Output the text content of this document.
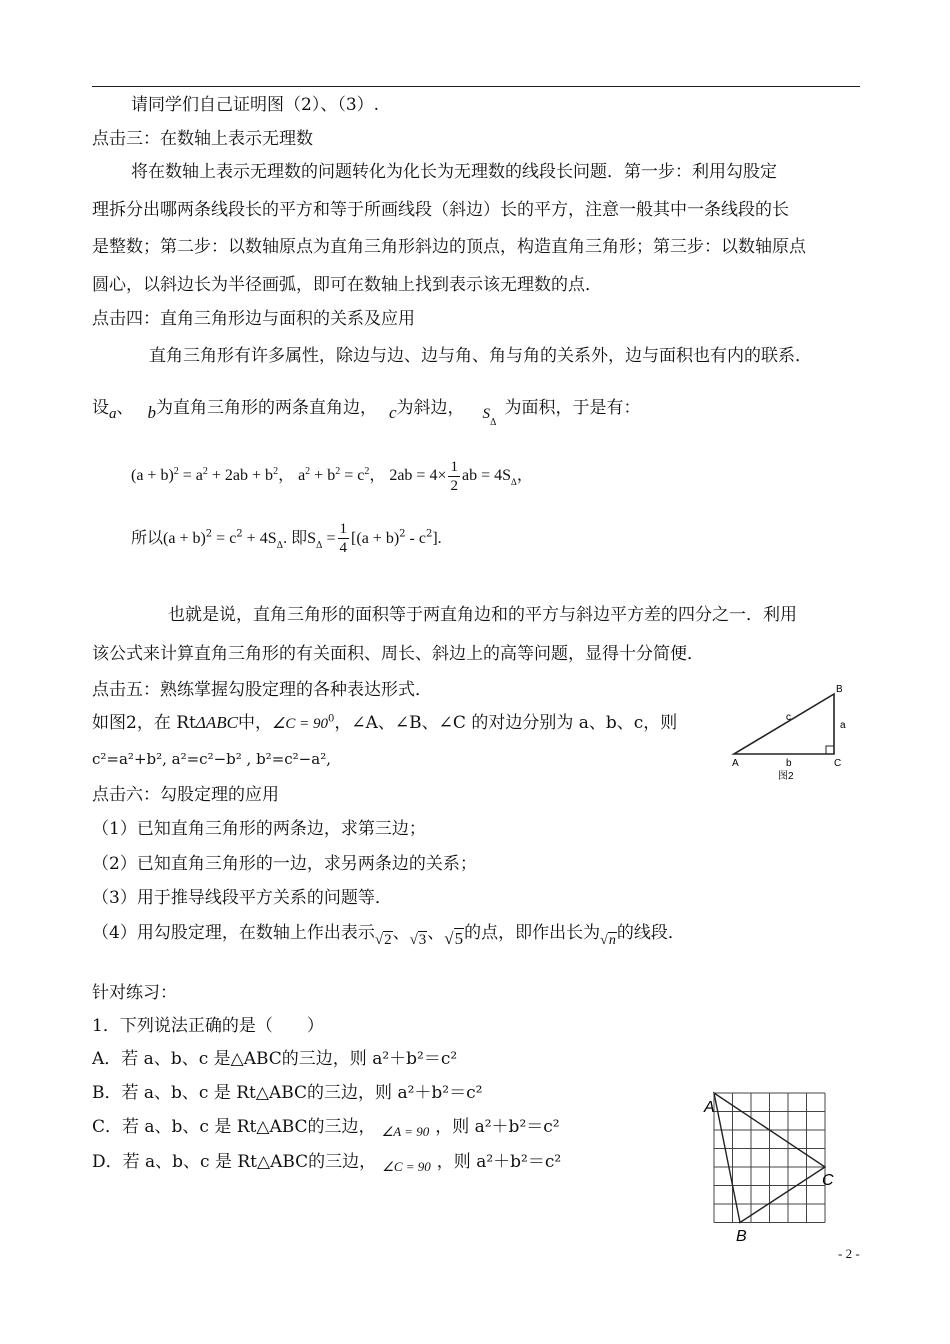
请同学们自己证明图（2）、（3）.
点击三：在数轴上表示无理数
将在数轴上表示无理数的问题转化为化长为无理数的线段长问题．第一步：利用勾股定
理拆分出哪两条线段长的平方和等于所画线段（斜边）长的平方，注意一般其中一条线段的长
是整数；第二步：以数轴原点为直角三角形斜边的顶点，构造直角三角形；第三步：以数轴原点
圆心，以斜边长为半径画弧，即可在数轴上找到表示该无理数的点．
点击四：直角三角形边与面积的关系及应用
直角三角形有许多属性，除边与边、边与角、角与角的关系外，边与面积也有内的联系．
设a、 b为直角三角形的两条直角边， c为斜边， $S_\Delta$为面积，于是有：
$(a + b)^2 = a^2 + 2ab + b^2$， $a^2 + b^2 = c^2$， $2ab = 4\times \frac{1}{2}$ ab = $4S_\Delta$，
所以$(a + b)^2 = c^2 + 4S_\Delta$. 即$S_\Delta = \frac{1}{4} [(a + b)^2 - c^2]$.
也就是说，直角三角形的面积等于两直角边和的平方与斜边平方差的四分之一．利用
该公式来计算直角三角形的有关面积、周长、斜边上的高等问题，显得十分简便．
点击五：熟练掌握勾股定理的各种表达形式．
如图2，在 RtΔABC中，∠C = $90^0$，∠A、∠B、∠C 的对边分别为 a、b、c，则
c²=a²+b², a²=c²−b² , b²=c²−a²,
B
a
c
A	b	C
图2
点击六：勾股定理的应用
（1）已知直角三角形的两条边，求第三边；
（2）已知直角三角形的一边，求另两条边的关系；
（3）用于推导线段平方关系的问题等．
（4）用勾股定理，在数轴上作出表示√2、√3、√5的点，即作出长为√n的线段．
针对练习：
1．下列说法正确的是（　　）
A．若 a、b、c 是△ABC的三边，则 a²＋b²＝c²
B．若 a、b、c 是 Rt△ABC的三边，则 a²＋b²＝c²
C．若 a、b、c 是 Rt△ABC的三边， $_{\angle A = 90}$ ，则 a²＋b²＝c²
D．若 a、b、c 是 Rt△ABC的三边， $_{\angle C = 90}$ ，则 a²＋b²＝c²
A
C
B
- 2 -
